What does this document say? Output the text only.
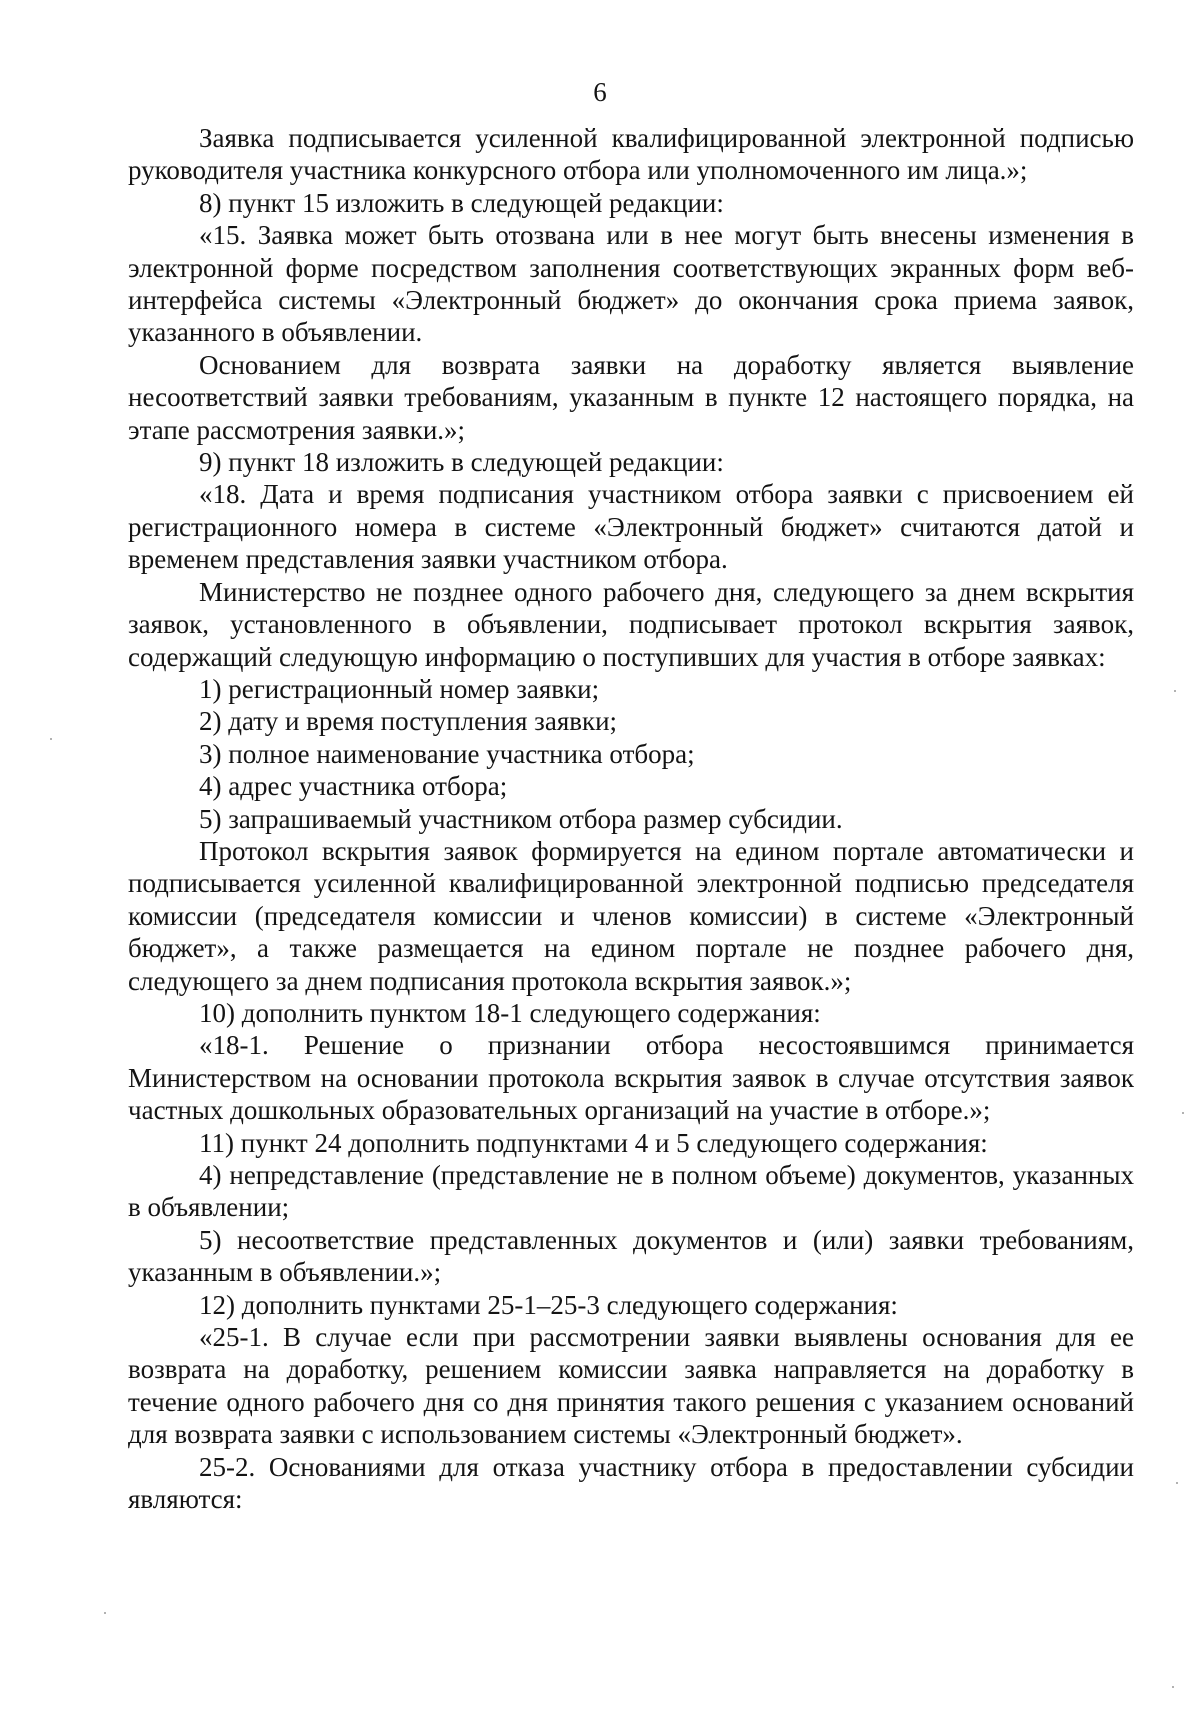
6

Заявка подписывается усиленной квалифицированной электронной подписью руководителя участника конкурсного отбора или уполномоченного им лица.»;

8) пункт 15 изложить в следующей редакции:

«15. Заявка может быть отозвана или в нее могут быть внесены изменения в электронной форме посредством заполнения соответствующих экранных форм веб-интерфейса системы «Электронный бюджет» до окончания срока приема заявок, указанного в объявлении.

Основанием для возврата заявки на доработку является выявление несоответствий заявки требованиям, указанным в пункте 12 настоящего порядка, на этапе рассмотрения заявки.»;

9) пункт 18 изложить в следующей редакции:

«18. Дата и время подписания участником отбора заявки с присвоением ей регистрационного номера в системе «Электронный бюджет» считаются датой и временем представления заявки участником отбора.

Министерство не позднее одного рабочего дня, следующего за днем вскрытия заявок, установленного в объявлении, подписывает протокол вскрытия заявок, содержащий следующую информацию о поступивших для участия в отборе заявках:

1) регистрационный номер заявки;

2) дату и время поступления заявки;

3) полное наименование участника отбора;

4) адрес участника отбора;

5) запрашиваемый участником отбора размер субсидии.

Протокол вскрытия заявок формируется на едином портале автоматически и подписывается усиленной квалифицированной электронной подписью председателя комиссии (председателя комиссии и членов комиссии) в системе «Электронный бюджет», а также размещается на едином портале не позднее рабочего дня, следующего за днем подписания протокола вскрытия заявок.»;

10) дополнить пунктом 18-1 следующего содержания:

«18-1. Решение о признании отбора несостоявшимся принимается Министерством на основании протокола вскрытия заявок в случае отсутствия заявок частных дошкольных образовательных организаций на участие в отборе.»;

11) пункт 24 дополнить подпунктами 4 и 5 следующего содержания:

4) непредставление (представление не в полном объеме) документов, указанных в объявлении;

5) несоответствие представленных документов и (или) заявки требованиям, указанным в объявлении.»;

12) дополнить пунктами 25-1–25-3 следующего содержания:

«25-1. В случае если при рассмотрении заявки выявлены основания для ее возврата на доработку, решением комиссии заявка направляется на доработку в течение одного рабочего дня со дня принятия такого решения с указанием оснований для возврата заявки с использованием системы «Электронный бюджет».

25-2. Основаниями для отказа участнику отбора в предоставлении субсидии являются:
